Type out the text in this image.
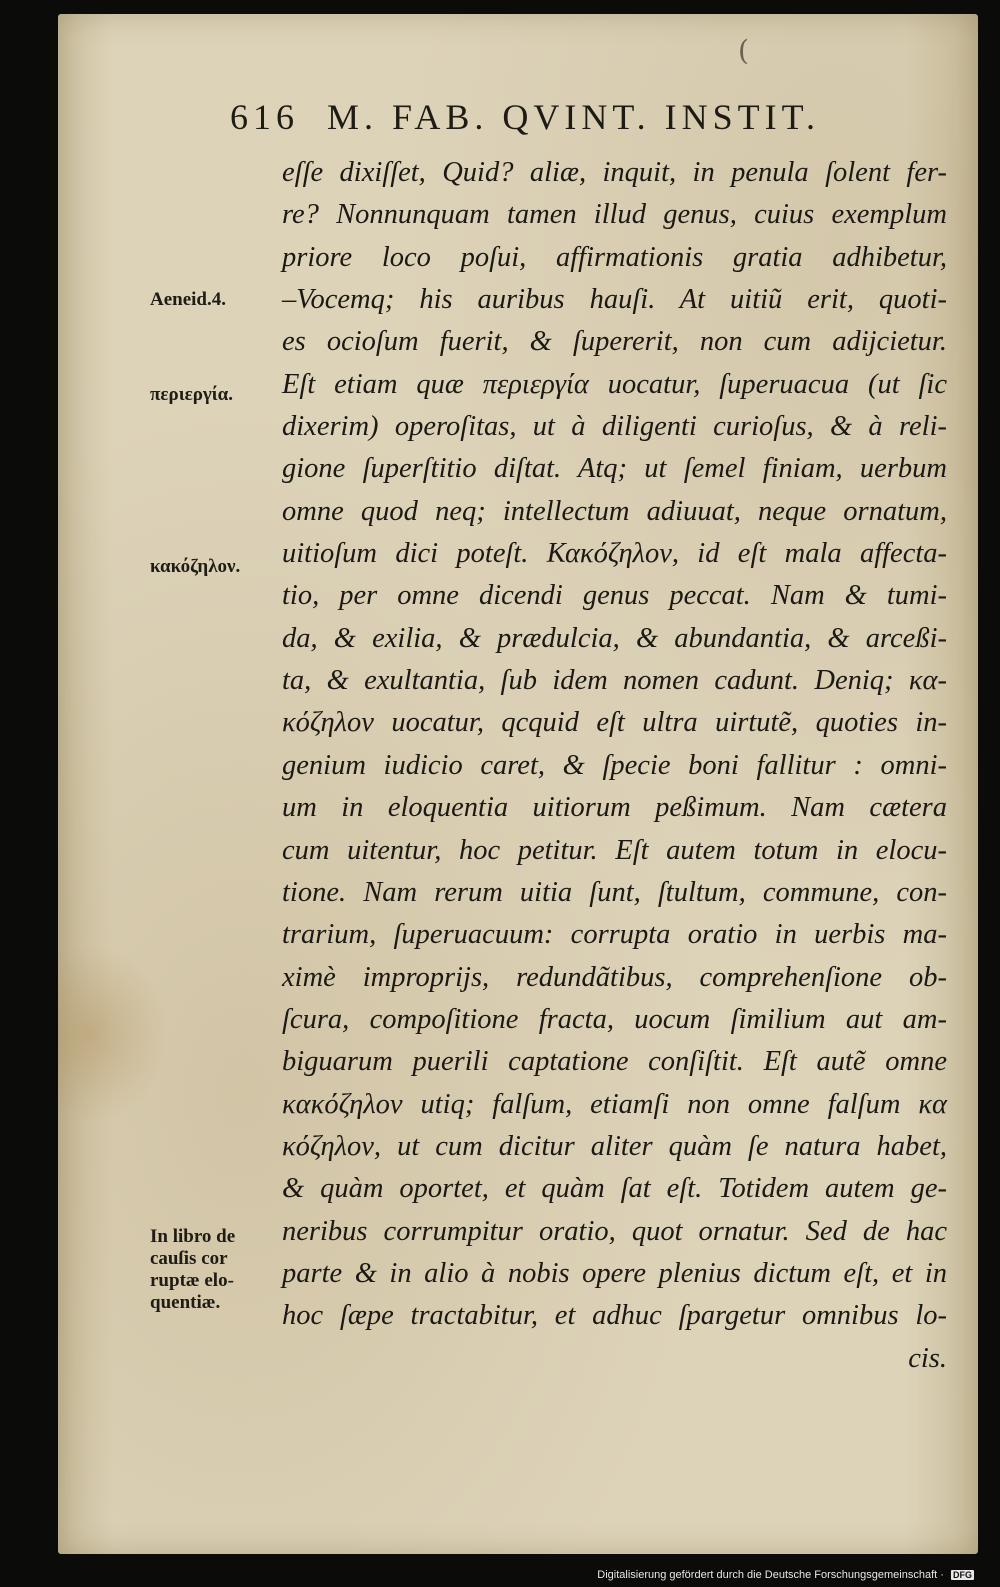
(
616 M. FAB. QVINT. INSTIT.
eſſe dixiſſet, Quid? aliæ, inquit, in penula ſolent fer-
re? Nonnunquam tamen illud genus, cuius exemplum
priore loco poſui, affirmationis gratia adhibetur,
–Vocemq; his auribus hauſi. At uitiũ erit, quoti-
es ocioſum fuerit, & ſupererit, non cum adijcietur.
Eſt etiam quæ περιεργία uocatur, ſuperuacua (ut ſic
dixerim) operoſitas, ut à diligenti curioſus, & à reli-
gione ſuperſtitio diſtat. Atq; ut ſemel finiam, uerbum
omne quod neq; intellectum adiuuat, neque ornatum,
uitioſum dici poteſt. Κακόζηλον, id eſt mala affecta-
tio, per omne dicendi genus peccat. Nam & tumi-
da, & exilia, & prædulcia, & abundantia, & arceßi-
ta, & exultantia, ſub idem nomen cadunt. Deniq; κα-
κόζηλον uocatur, qcquid eſt ultra uirtutẽ, quoties in-
genium iudicio caret, & ſpecie boni fallitur : omni-
um in eloquentia uitiorum peßimum. Nam cætera
cum uitentur, hoc petitur. Eſt autem totum in elocu-
tione. Nam rerum uitia ſunt, ſtultum, commune, con-
trarium, ſuperuacuum: corrupta oratio in uerbis ma-
ximè improprijs, redundãtibus, comprehenſione ob-
ſcura, compoſitione fracta, uocum ſimilium aut am-
biguarum puerili captatione conſiſtit. Eſt autẽ omne
κακόζηλον utiq; falſum, etiamſi non omne falſum κα
κόζηλον, ut cum dicitur aliter quàm ſe natura habet,
& quàm oportet, et quàm ſat eſt. Totidem autem ge-
neribus corrumpitur oratio, quot ornatur. Sed de hac
parte & in alio à nobis opere plenius dictum eſt, et in
hoc ſæpe tractabitur, et adhuc ſpargetur omnibus lo-
cis.
Aeneid.4.
περιεργία.
κακόζηλον.
In libro de
cauſis cor
ruptæ elo-
quentiæ.
Digitalisierung gefördert durch die Deutsche Forschungsgemeinschaft · DFG
